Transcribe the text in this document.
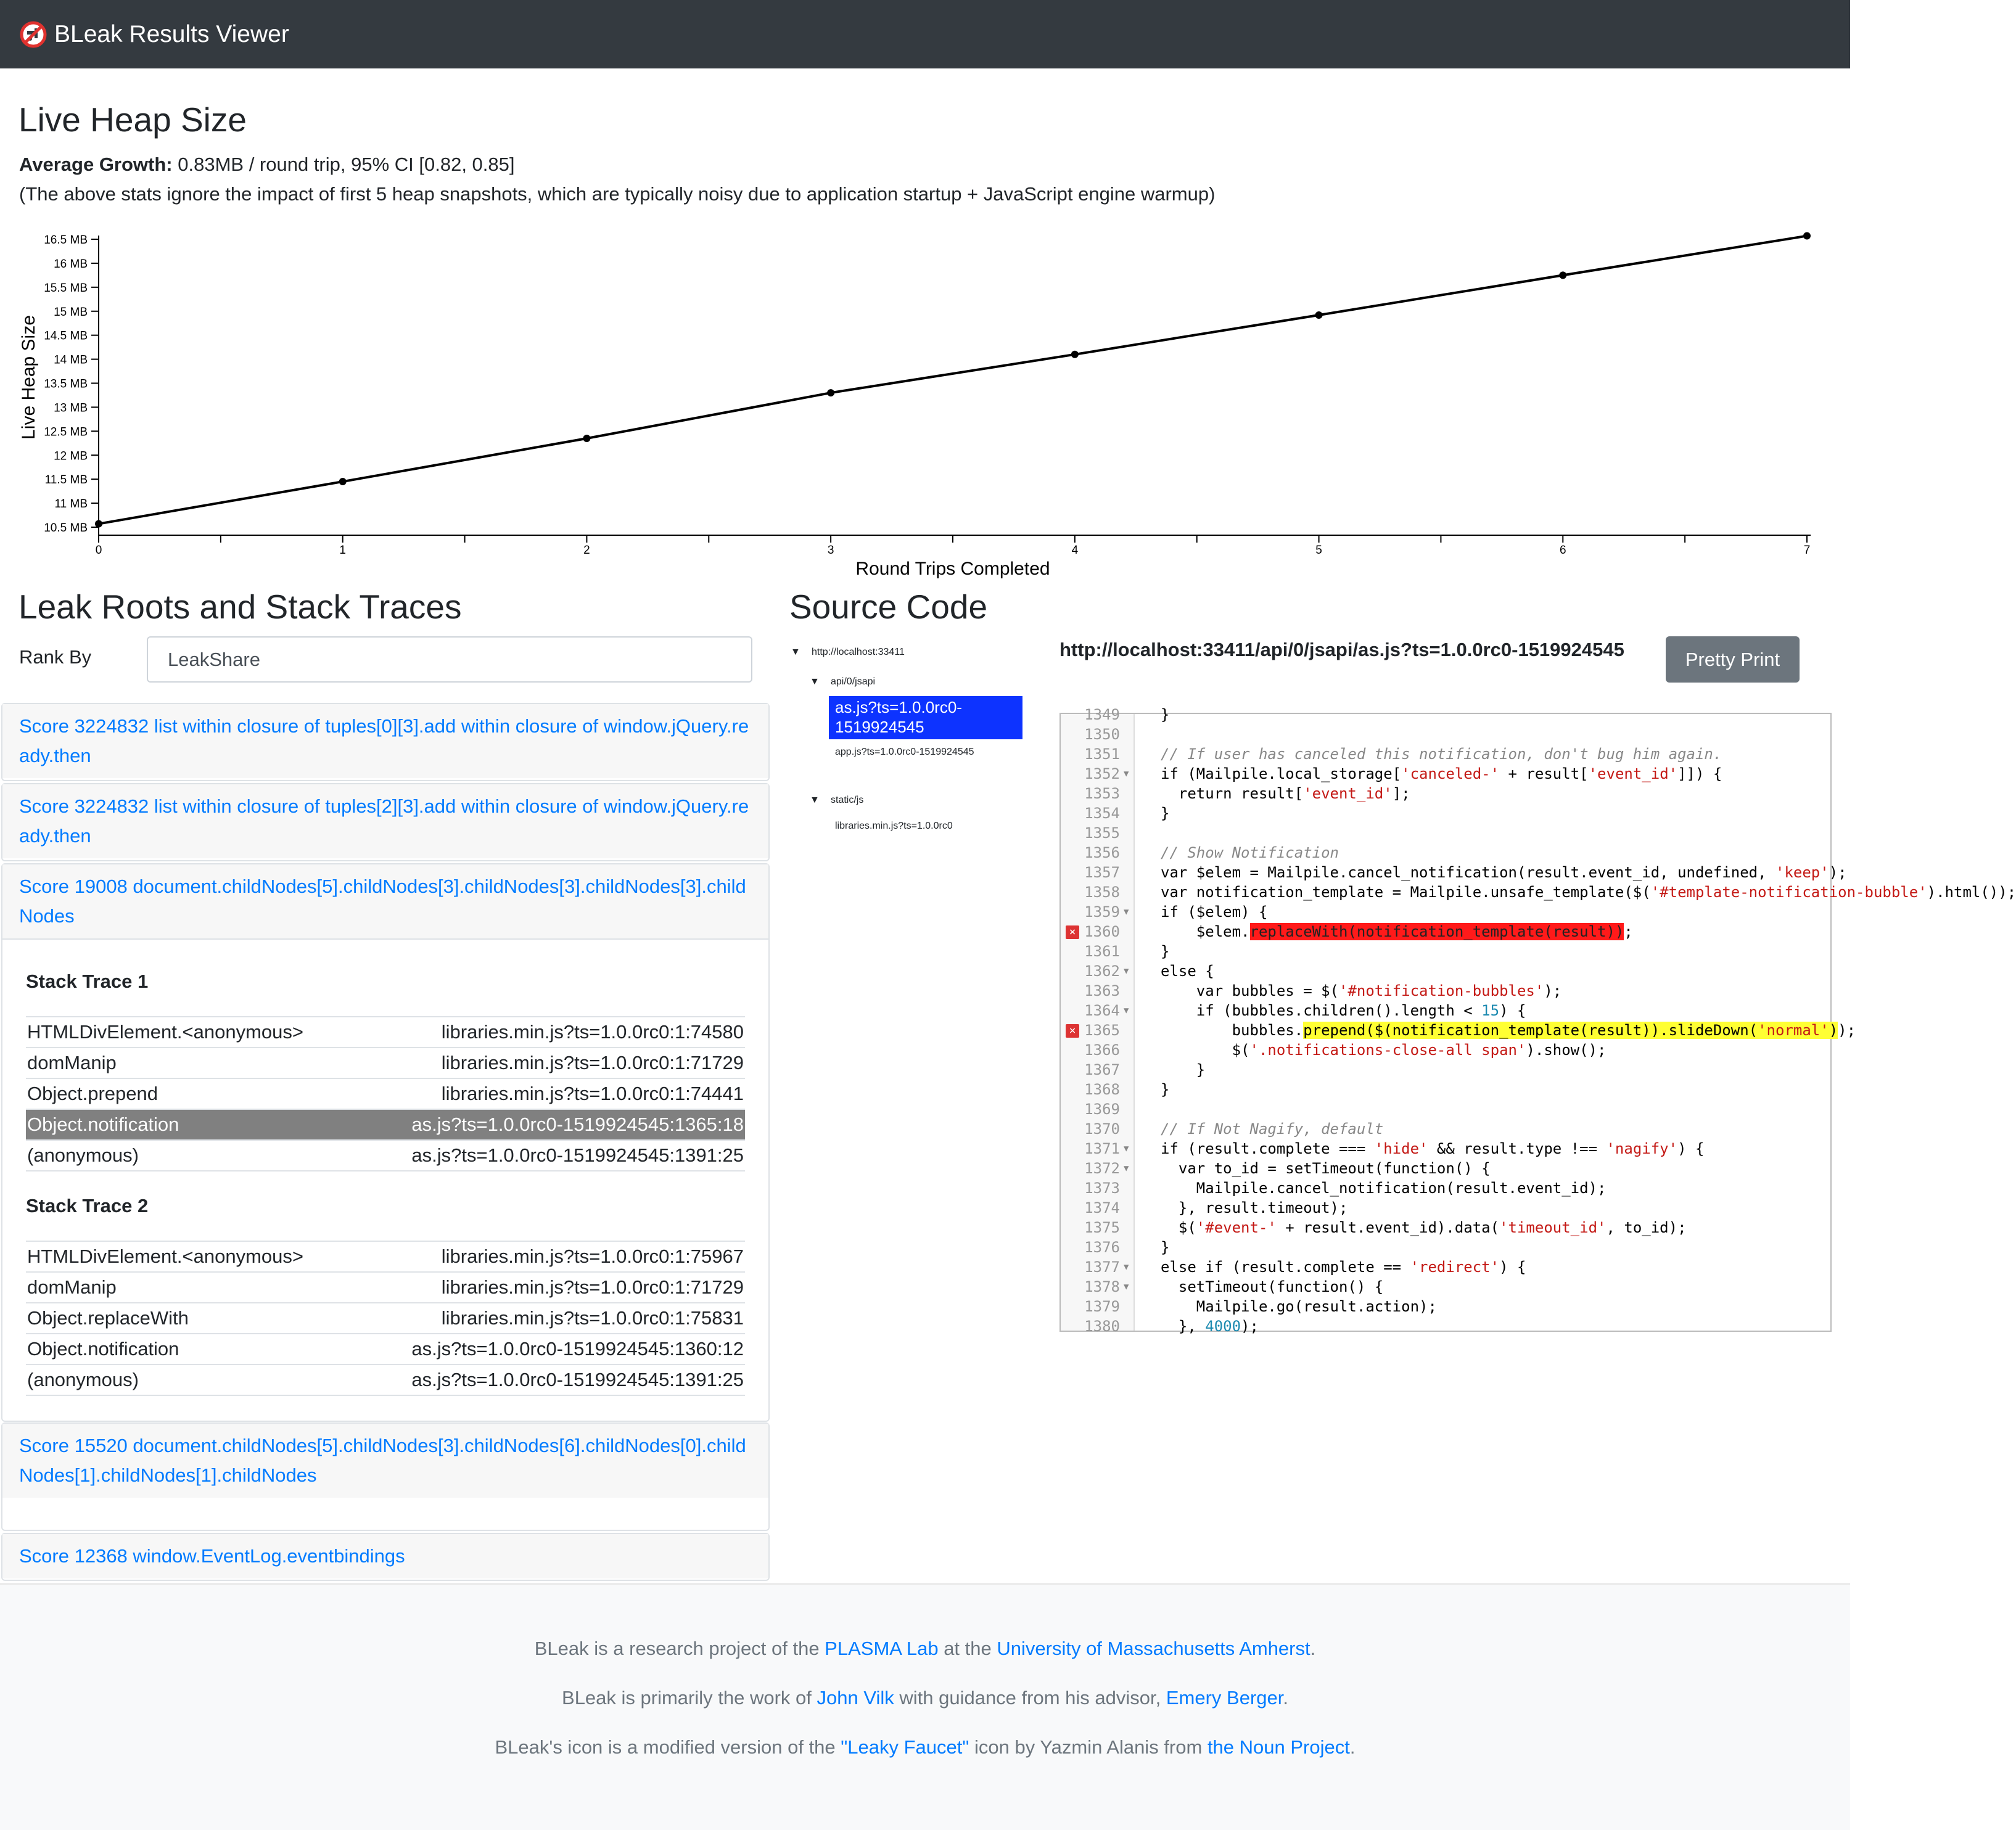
BLeak Results Viewer
Live Heap Size
Average Growth: 0.83MB / round trip, 95% CI [0.82, 0.85]
(The above stats ignore the impact of first 5 heap snapshots, which are typically noisy due to application startup + JavaScript engine warmup)
10.5 MB
11 MB
11.5 MB
12 MB
12.5 MB
13 MB
13.5 MB
14 MB
14.5 MB
15 MB
15.5 MB
16 MB
16.5 MB
0	1	2	3	4	5	6	7
Live Heap Size
Round Trips Completed
Leak Roots and Stack Traces
Rank By	LeakShare
Score 3224832 list within closure of tuples[0][3].add within closure of window.jQuery.ready.then
Score 3224832 list within closure of tuples[2][3].add within closure of window.jQuery.ready.then
Score 19008 document.childNodes[5].childNodes[3].childNodes[3].childNodes[3].childNodes
Stack Trace 1
HTMLDivElement.<anonymous>	libraries.min.js?ts=1.0.0rc0:1:74580
domManip	libraries.min.js?ts=1.0.0rc0:1:71729
Object.prepend	libraries.min.js?ts=1.0.0rc0:1:74441
Object.notification	as.js?ts=1.0.0rc0-1519924545:1365:18
(anonymous)	as.js?ts=1.0.0rc0-1519924545:1391:25
Stack Trace 2
HTMLDivElement.<anonymous>	libraries.min.js?ts=1.0.0rc0:1:75967
domManip	libraries.min.js?ts=1.0.0rc0:1:71729
Object.replaceWith	libraries.min.js?ts=1.0.0rc0:1:75831
Object.notification	as.js?ts=1.0.0rc0-1519924545:1360:12
(anonymous)	as.js?ts=1.0.0rc0-1519924545:1391:25
Score 15520 document.childNodes[5].childNodes[3].childNodes[6].childNodes[0].childNodes[1].childNodes[1].childNodes
Score 12368 window.EventLog.eventbindings
Source Code
▼ http://localhost:33411
▼ api/0/jsapi
as.js?ts=1.0.0rc0-1519924545
app.js?ts=1.0.0rc0-1519924545
▼ static/js
libraries.min.js?ts=1.0.0rc0
http://localhost:33411/api/0/jsapi/as.js?ts=1.0.0rc0-1519924545	Pretty Print
1349	}
1350
1351	// If user has canceled this notification, don't bug him again.
1352 ▼ if (Mailpile.local_storage['canceled-' + result['event_id']]) {
1353	return result['event_id'];
1354	}
1355
1356	// Show Notification
1357	var $elem = Mailpile.cancel_notification(result.event_id, undefined, 'keep');
1358	var notification_template = Mailpile.unsafe_template($('#template-notification-bubble').html());
1359 ▼ if ($elem) {
1360
×	$elem.replaceWith(notification_template(result));
1361	}
1362 ▼ else {
1363	var bubbles = $('#notification-bubbles');
1364 ▼ if (bubbles.children().length < 15) {
1365
×	bubbles.prepend($(notification_template(result)).slideDown('normal'));
1366	$('.notifications-close-all span').show();
1367	}
1368	}
1369
1370	// If Not Nagify, default
1371 ▼ if (result.complete === 'hide' && result.type !== 'nagify') {
1372 ▼ var to_id = setTimeout(function() {
1373	Mailpile.cancel_notification(result.event_id);
1374	}, result.timeout);
1375	$('#event-' + result.event_id).data('timeout_id', to_id);
1376	}
1377 ▼ else if (result.complete == 'redirect') {
1378 ▼ setTimeout(function() {
1379	Mailpile.go(result.action);
1380	}, 4000);

BLeak is a research project of the PLASMA Lab at the University of Massachusetts Amherst.

BLeak is primarily the work of John Vilk with guidance from his advisor, Emery Berger.

BLeak's icon is a modified version of the "Leaky Faucet" icon by Yazmin Alanis from the Noun Project.
